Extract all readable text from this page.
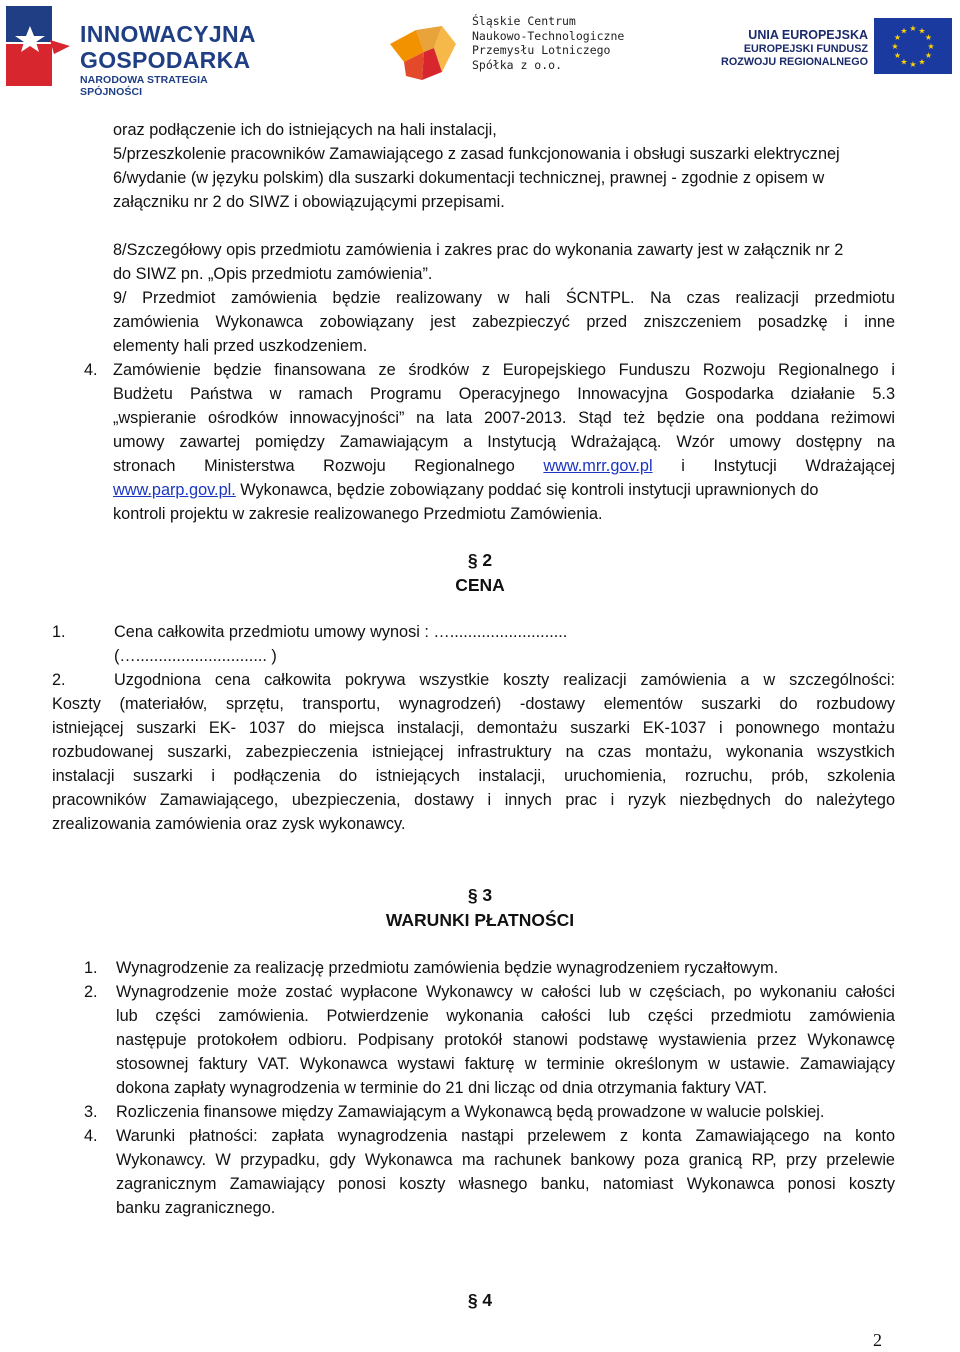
INNOWACYJNA
GOSPODARKA
NARODOWA STRATEGIA SPÓJNOŚCI
Śląskie Centrum
Naukowo-Technologiczne
Przemysłu Lotniczego
Spółka z o.o.
UNIA EUROPEJSKA
EUROPEJSKI FUNDUSZ
ROZWOJU REGIONALNEGO
★ ★
★
★
★
★
★
★
★
★
★
★
oraz podłączenie ich do istniejących na hali instalacji,
5/przeszkolenie pracowników Zamawiającego z zasad funkcjonowania i obsługi suszarki elektrycznej
6/wydanie (w języku polskim) dla suszarki dokumentacji technicznej, prawnej - zgodnie z opisem w
załączniku nr 2 do SIWZ i obowiązującymi przepisami.
8/Szczegółowy opis przedmiotu zamówienia i zakres prac do wykonania zawarty jest w załącznik nr 2
do SIWZ pn. „Opis przedmiotu zamówienia”.
9/ Przedmiot zamówienia będzie realizowany w hali ŚCNTPL. Na czas realizacji przedmiotu
zamówienia Wykonawca zobowiązany jest zabezpieczyć przed zniszczeniem posadzkę i inne
elementy hali przed uszkodzeniem.
4. Zamówienie będzie finansowana ze środków z Europejskiego Funduszu Rozwoju Regionalnego i
Budżetu Państwa w ramach Programu Operacyjnego Innowacyjna Gospodarka działanie 5.3
„wspieranie ośrodków innowacyjności” na lata 2007-2013. Stąd też będzie ona poddana reżimowi
umowy zawartej pomiędzy Zamawiającym a Instytucją Wdrażającą. Wzór umowy dostępny na
stronach Ministerstwa Rozwoju Regionalnego www.mrr.gov.pl i Instytucji Wdrażającej
www.parp.gov.pl. Wykonawca, będzie zobowiązany poddać się kontroli instytucji uprawnionych do
kontroli projektu w zakresie realizowanego Przedmiotu Zamówienia.
§ 2
CENA
1.	Cena całkowita przedmiotu umowy wynosi : …..........................
(…............................. )
2.	Uzgodniona cena całkowita pokrywa wszystkie koszty realizacji zamówienia a w szczególności:
Koszty (materiałów, sprzętu, transportu, wynagrodzeń) -dostawy elementów suszarki do rozbudowy
istniejącej suszarki EK- 1037 do miejsca instalacji, demontażu suszarki EK-1037 i ponownego montażu
rozbudowanej suszarki, zabezpieczenia istniejącej infrastruktury na czas montażu, wykonania wszystkich
instalacji suszarki i podłączenia do istniejących instalacji, uruchomienia, rozruchu, prób, szkolenia
pracowników Zamawiającego, ubezpieczenia, dostawy i innych prac i ryzyk niezbędnych do należytego
zrealizowania zamówienia oraz zysk wykonawcy.
§ 3
WARUNKI PŁATNOŚCI
1. Wynagrodzenie za realizację przedmiotu zamówienia będzie wynagrodzeniem ryczałtowym.
2. Wynagrodzenie może zostać wypłacone Wykonawcy w całości lub w częściach, po wykonaniu całości
lub części zamówienia. Potwierdzenie wykonania całości lub części przedmiotu zamówienia
następuje protokołem odbioru. Podpisany protokół stanowi podstawę wystawienia przez Wykonawcę
stosownej faktury VAT. Wykonawca wystawi fakturę w terminie określonym w ustawie. Zamawiający
dokona zapłaty wynagrodzenia w terminie do 21 dni licząc od dnia otrzymania faktury VAT.
3. Rozliczenia finansowe między Zamawiającym a Wykonawcą będą prowadzone w walucie polskiej.
4. Warunki płatności: zapłata wynagrodzenia nastąpi przelewem z konta Zamawiającego na konto
Wykonawcy. W przypadku, gdy Wykonawca ma rachunek bankowy poza granicą RP, przy przelewie
zagranicznym Zamawiający ponosi koszty własnego banku, natomiast Wykonawca ponosi koszty
banku zagranicznego.
§ 4
2
